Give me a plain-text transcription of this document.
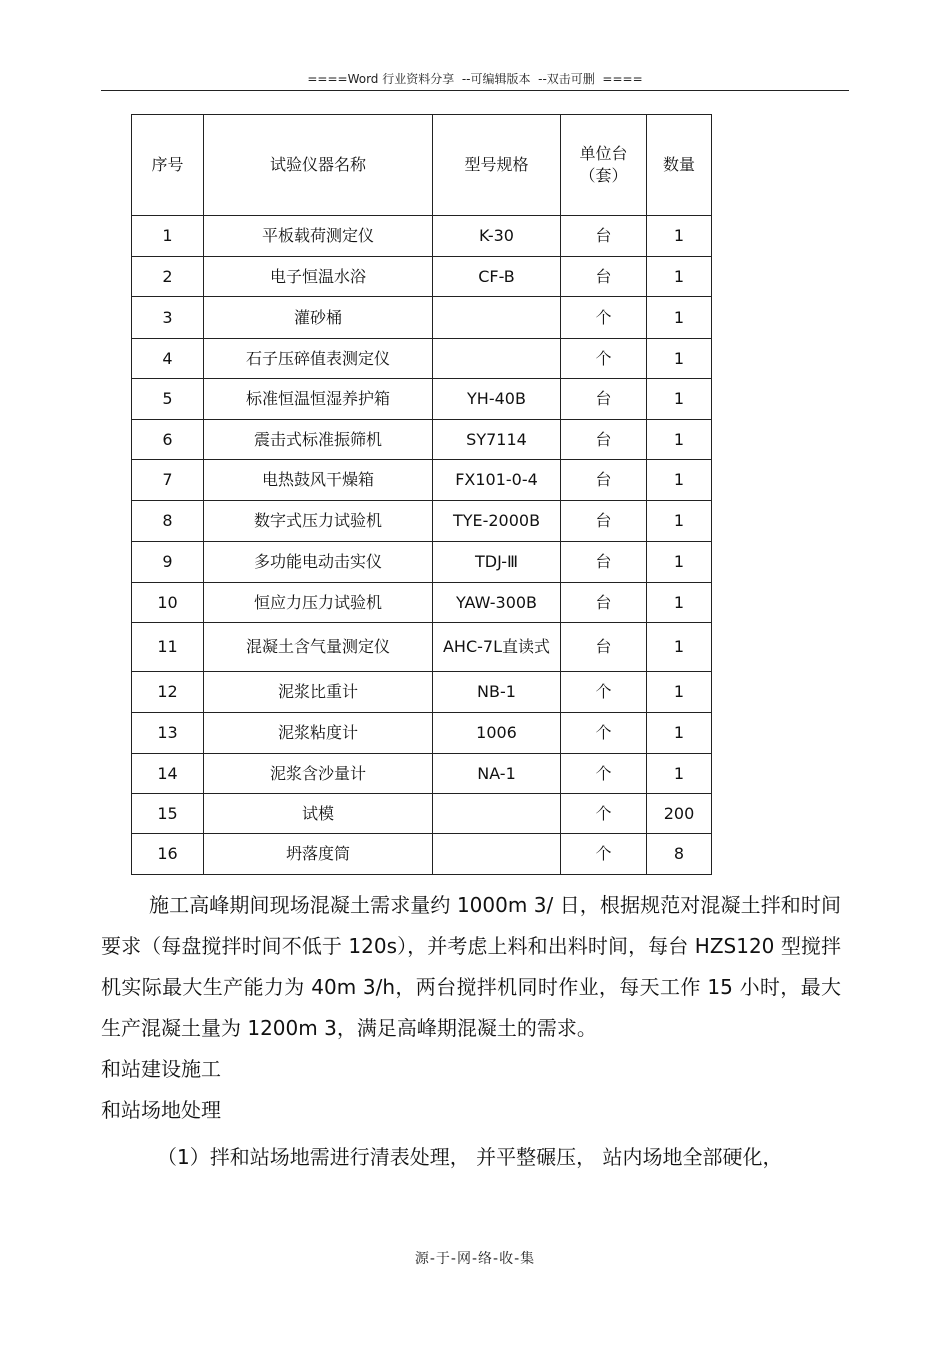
====Word 行业资料分享  --可编辑版本  --双击可删  ====
序号	试验仪器名称	型号规格	单位台（套）	数量
1	平板载荷测定仪	K-30	台	1
2	电子恒温水浴	CF-B	台	1
3	灌砂桶		个	1
4	石子压碎值表测定仪		个	1
5	标准恒温恒湿养护箱	YH-40B	台	1
6	震击式标准振筛机	SY7114	台	1
7	电热鼓风干燥箱	FX101-0-4	台	1
8	数字式压力试验机	TYE-2000B	台	1
9	多功能电动击实仪	TDJ-Ⅲ	台	1
10	恒应力压力试验机	YAW-300B	台	1
11	混凝土含气量测定仪	AHC-7L直读式	台	1
12	泥浆比重计	NB-1	个	1
13	泥浆粘度计	1006	个	1
14	泥浆含沙量计	NA-1	个	1
15	试模		个	200
16	坍落度筒		个	8

施工高峰期间现场混凝土需求量约 1000m 3/ 日，根据规范对混凝土拌和时间要求（每盘搅拌时间不低于 120s），并考虑上料和出料时间，每台 HZS120 型搅拌机实际最大生产能力为 40m 3/h，两台搅拌机同时作业，每天工作 15 小时，最大生产混凝土量为 1200m 3，满足高峰期混凝土的需求。

和站建设施工

和站场地处理

（1）拌和站场地需进行清表处理， 并平整碾压， 站内场地全部硬化，

源-于-网-络-收-集
